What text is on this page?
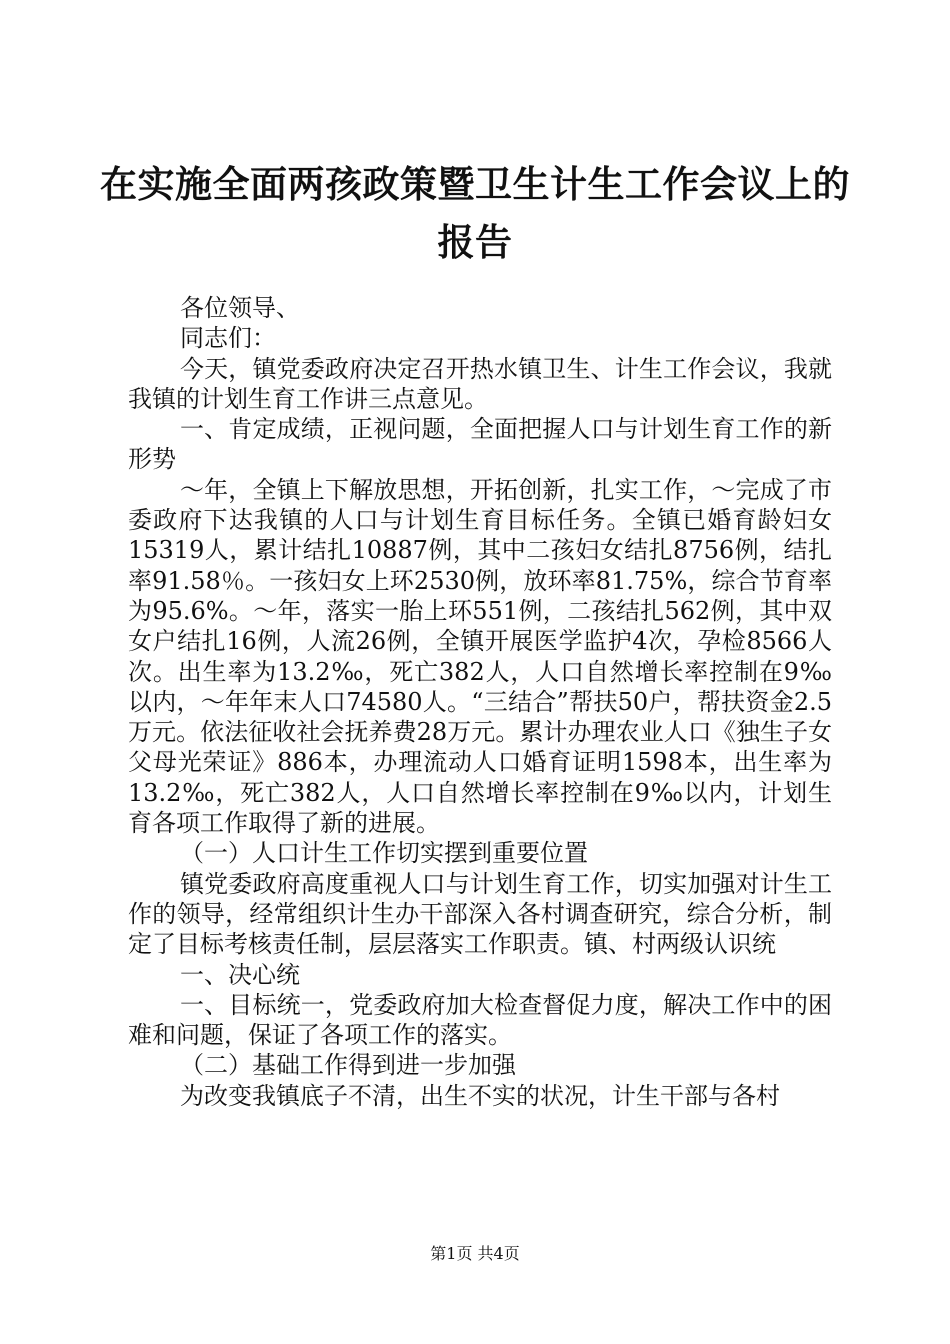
在实施全面两孩政策暨卫生计生工作会议上的
报告

各位领导、

同志们：

今天，镇党委政府决定召开热水镇卫生、计生工作会议，我就我镇的计划生育工作讲三点意见。

一、肯定成绩，正视问题，全面把握人口与计划生育工作的新形势

～年，全镇上下解放思想，开拓创新，扎实工作，～完成了市委政府下达我镇的人口与计划生育目标任务。全镇已婚育龄妇女15319人，累计结扎10887例，其中二孩妇女结扎8756例，结扎率91.58％。一孩妇女上环2530例，放环率81.75%，综合节育率为95.6%。～年，落实一胎上环551例，二孩结扎562例，其中双女户结扎16例，人流26例，全镇开展医学监护4次，孕检8566人次。出生率为13.2‰，死亡382人，人口自然增长率控制在9‰以内，～年年末人口74580人。“三结合”帮扶50户，帮扶资金2.5万元。依法征收社会抚养费28万元。累计办理农业人口《独生子女父母光荣证》886本，办理流动人口婚育证明1598本，出生率为13.2‰，死亡382人，人口自然增长率控制在9‰以内，计划生育各项工作取得了新的进展。

（一）人口计生工作切实摆到重要位置

镇党委政府高度重视人口与计划生育工作，切实加强对计生工作的领导，经常组织计生办干部深入各村调查研究，综合分析，制定了目标考核责任制，层层落实工作职责。镇、村两级认识统

一、决心统

一、目标统一，党委政府加大检查督促力度，解决工作中的困难和问题，保证了各项工作的落实。

（二）基础工作得到进一步加强

为改变我镇底子不清，出生不实的状况，计生干部与各村

第1页 共4页
